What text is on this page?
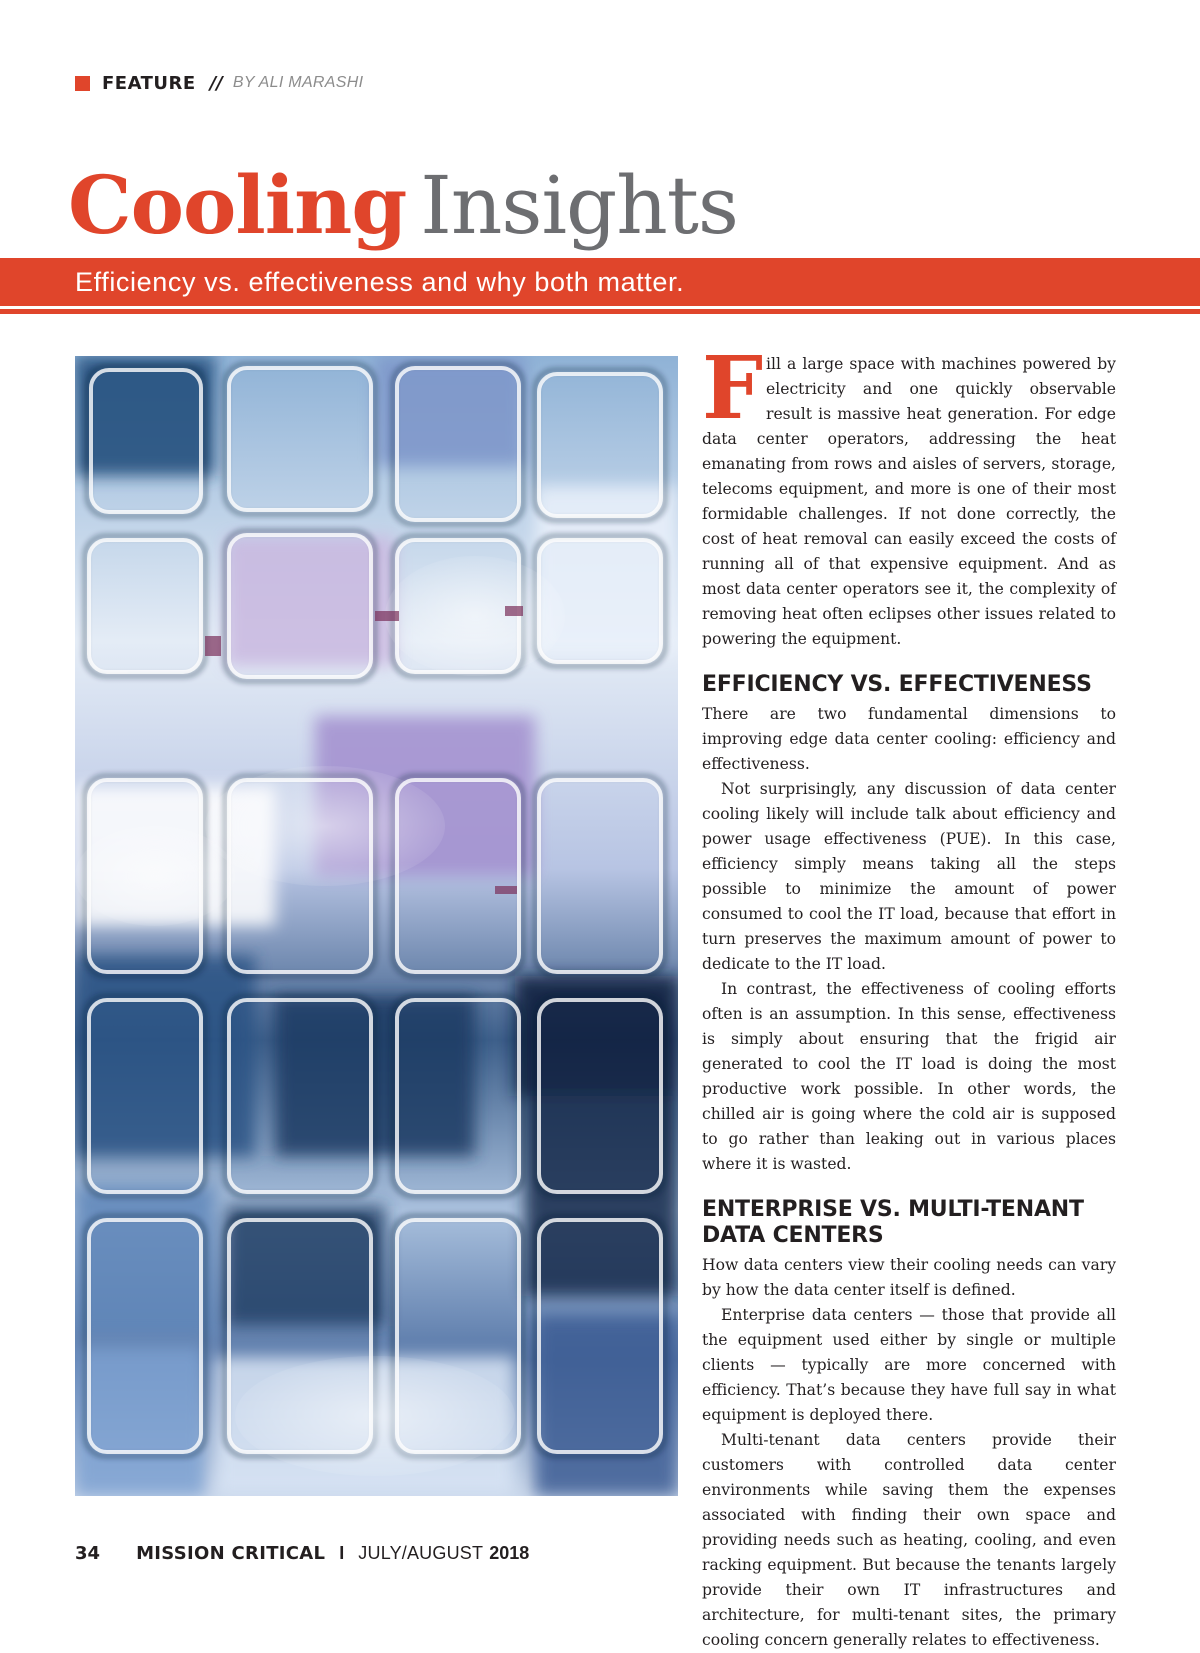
FEATURE // BY ALI MARASHI
Cooling Insights
Efficiency vs. effectiveness and why both matter.

Fill a large space with machines powered by electricity and one quickly observable result is massive heat generation. For edge data center operators, addressing the heat emanating from rows and aisles of servers, storage, telecoms equipment, and more is one of their most formidable challenges. If not done correctly, the cost of heat removal can easily exceed the costs of running all of that expensive equipment. And as most data center operators see it, the complexity of removing heat often eclipses other issues related to powering the equipment.

EFFICIENCY VS. EFFECTIVENESS

There are two fundamental dimensions to improving edge data center cooling: efficiency and effectiveness.

Not surprisingly, any discussion of data center cooling likely will include talk about efficiency and power usage effectiveness (PUE). In this case, efficiency simply means taking all the steps possible to minimize the amount of power consumed to cool the IT load, because that effort in turn preserves the maximum amount of power to dedicate to the IT load.

In contrast, the effectiveness of cooling efforts often is an assumption. In this sense, effectiveness is simply about ensuring that the frigid air generated to cool the IT load is doing the most productive work possible. In other words, the chilled air is going where the cold air is supposed to go rather than leaking out in various places where it is wasted.

ENTERPRISE VS. MULTI-TENANT DATA CENTERS

How data centers view their cooling needs can vary by how the data center itself is defined.

Enterprise data centers — those that provide all the equipment used either by single or multiple clients — typically are more concerned with efficiency. That’s because they have full say in what equipment is deployed there.

Multi-tenant data centers provide their customers with controlled data center environments while saving them the expenses associated with finding their own space and providing needs such as heating, cooling, and even racking equipment. But because the tenants largely provide their own IT infrastructures and architecture, for multi-tenant sites, the primary cooling concern generally relates to effectiveness.

34 MISSION CRITICAL I JULY/AUGUST 2018
